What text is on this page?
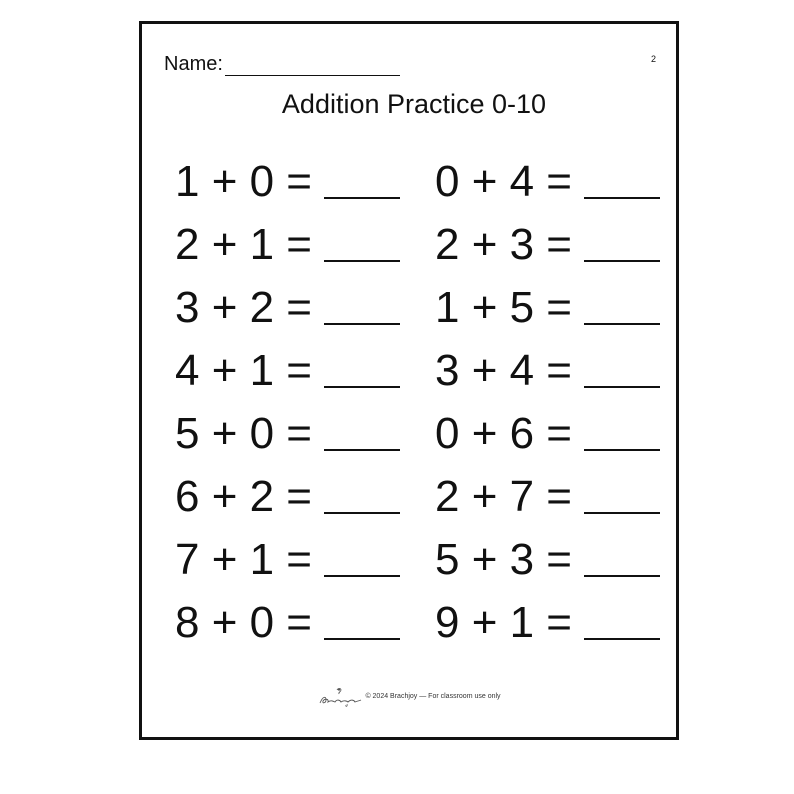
Name:	2
Addition Practice 0-10
1 + 0 =
2 + 1 =
3 + 2 =
4 + 1 =
5 + 0 =
6 + 2 =
7 + 1 =
8 + 0 =
0 + 4 =
2 + 3 =
1 + 5 =
3 + 4 =
0 + 6 =
2 + 7 =
5 + 3 =
9 + 1 =
© 2024 Brachjoy — For classroom use only
